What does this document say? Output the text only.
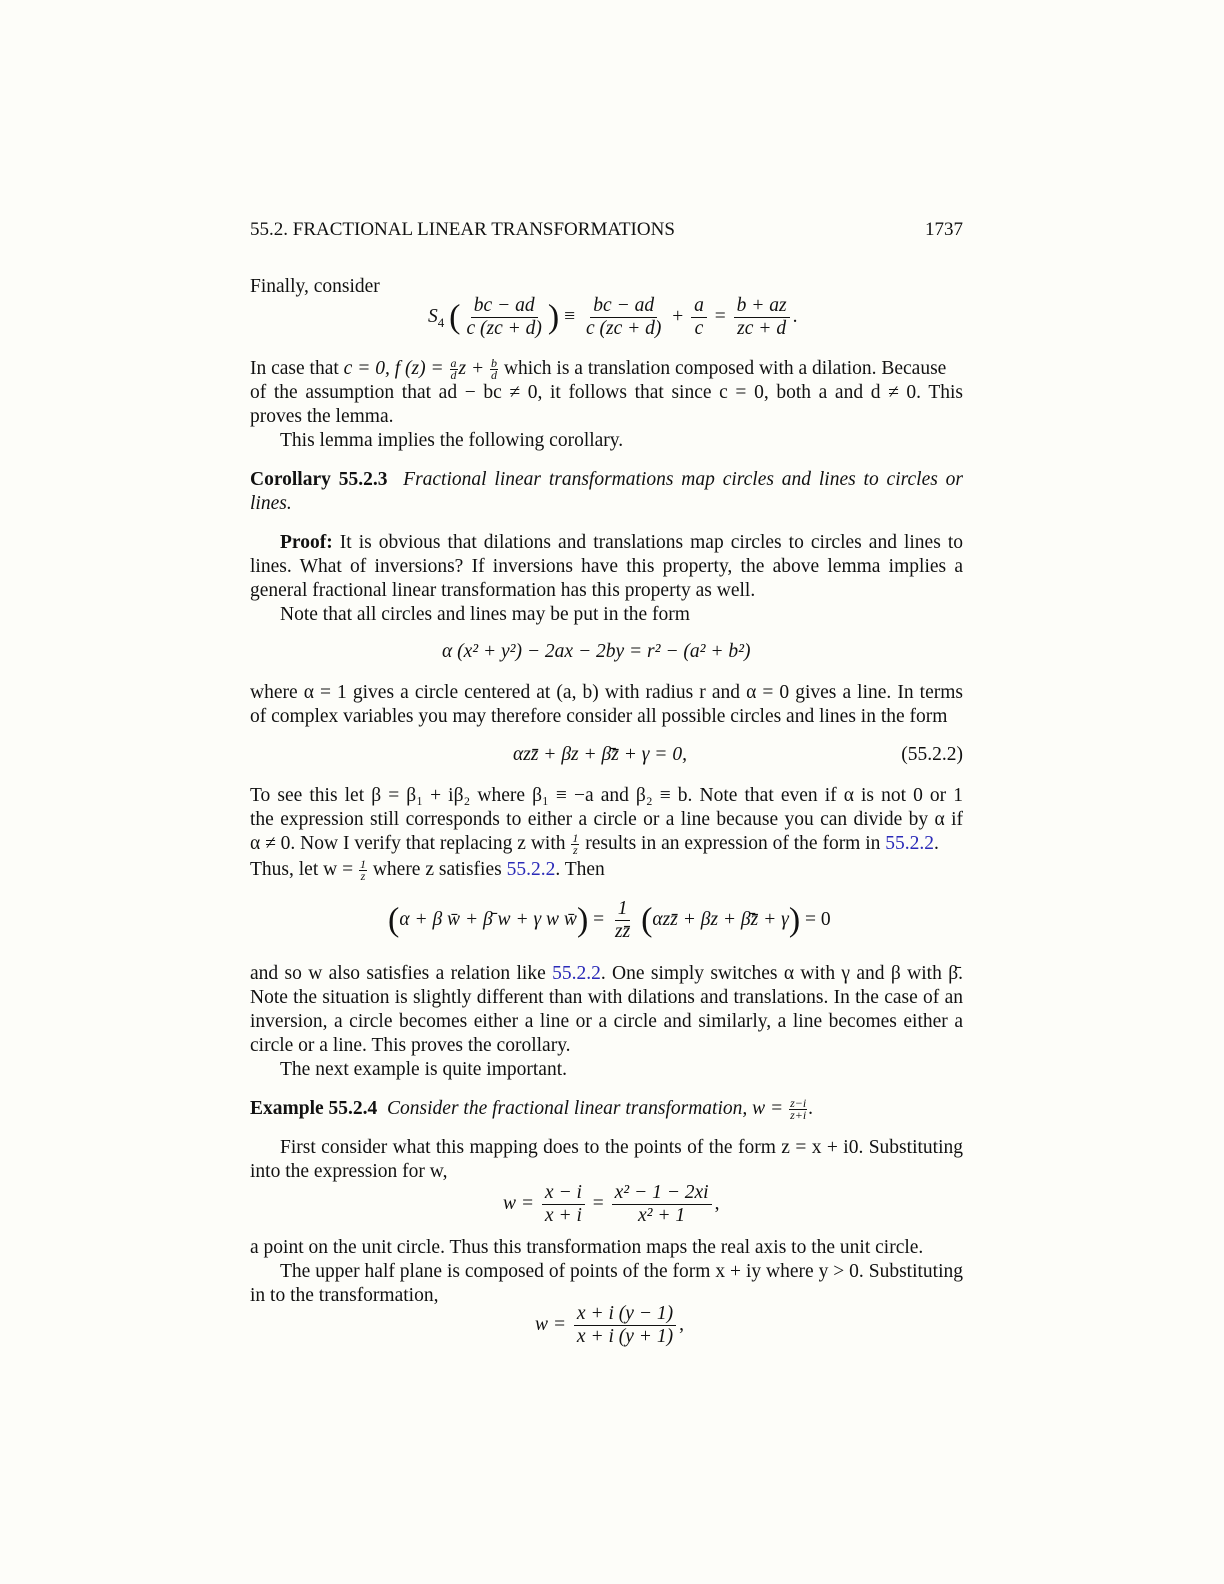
55.2. FRACTIONAL LINEAR TRANSFORMATIONS	1737
Finally, consider
$S_4$ ( $\frac{bc - ad}{c (zc + d)}$ ) ≡ $\frac{bc - ad}{c (zc + d)} + \frac{a}{c} = \frac{b + az}{zc + d}$ .
In case that c = 0, f $(z) = \frac{a}{d}$ $z + \frac{b}{d}$ which is a translation composed with a dilation. Because
of the assumption that ad − bc ≠ 0, it follows that since c = 0, both a and d ≠ 0. This
proves the lemma.
This lemma implies the following corollary.
Corollary 55.2.3 Fractional linear transformations map circles and lines to circles or
lines.
Proof: It is obvious that dilations and translations map circles to circles and lines to
lines. What of inversions? If inversions have this property, the above lemma implies a
general fractional linear transformation has this property as well.
Note that all circles and lines may be put in the form
α (x² + y²) − 2ax − 2by = r² − (a² + b²)
where α = 1 gives a circle centered at (a, b) with radius r and α = 0 gives a line. In terms
of complex variables you may therefore consider all possible circles and lines in the form
αzz̄ + βz + β̄z̄ + γ = 0,	(55.2.2)
To see this let β = β₁ + iβ₂ where β₁ ≡ −a and β₂ ≡ b. Note that even if α is not 0 or 1
the expression still corresponds to either a circle or a line because you can divide by α if
α ≠ 0. Now I verify that replacing z with $\frac{1}{z}$ results in an expression of the form in 55.2.2.
Thus, let $w = \frac{1}{z}$ where z satisfies 55.2.2. Then
(α + β w̄ + β̄ w + γ w w̄) = $\frac{1}{zz̄}$ (αzz̄ + βz + β̄z̄ + γ) = 0
and so w also satisfies a relation like 55.2.2. One simply switches α with γ and β with β̄.
Note the situation is slightly different than with dilations and translations. In the case of an
inversion, a circle becomes either a line or a circle and similarly, a line becomes either a
circle or a line. This proves the corollary.
The next example is quite important.
Example 55.2.4 Consider the fractional linear transformation, $w = \frac{z-i}{z+i}$ .
First consider what this mapping does to the points of the form z = x + i0. Substituting
into the expression for w,
$w = \frac{x - i}{x + i} = \frac{\text{x² − 1 − 2xi}}{\text{x² + 1}}$ ,
a point on the unit circle. Thus this transformation maps the real axis to the unit circle.
The upper half plane is composed of points of the form x + iy where y > 0. Substituting
in to the transformation,
$w = \frac{x + i (y - 1)}{x + i (y + 1)}$ ,
